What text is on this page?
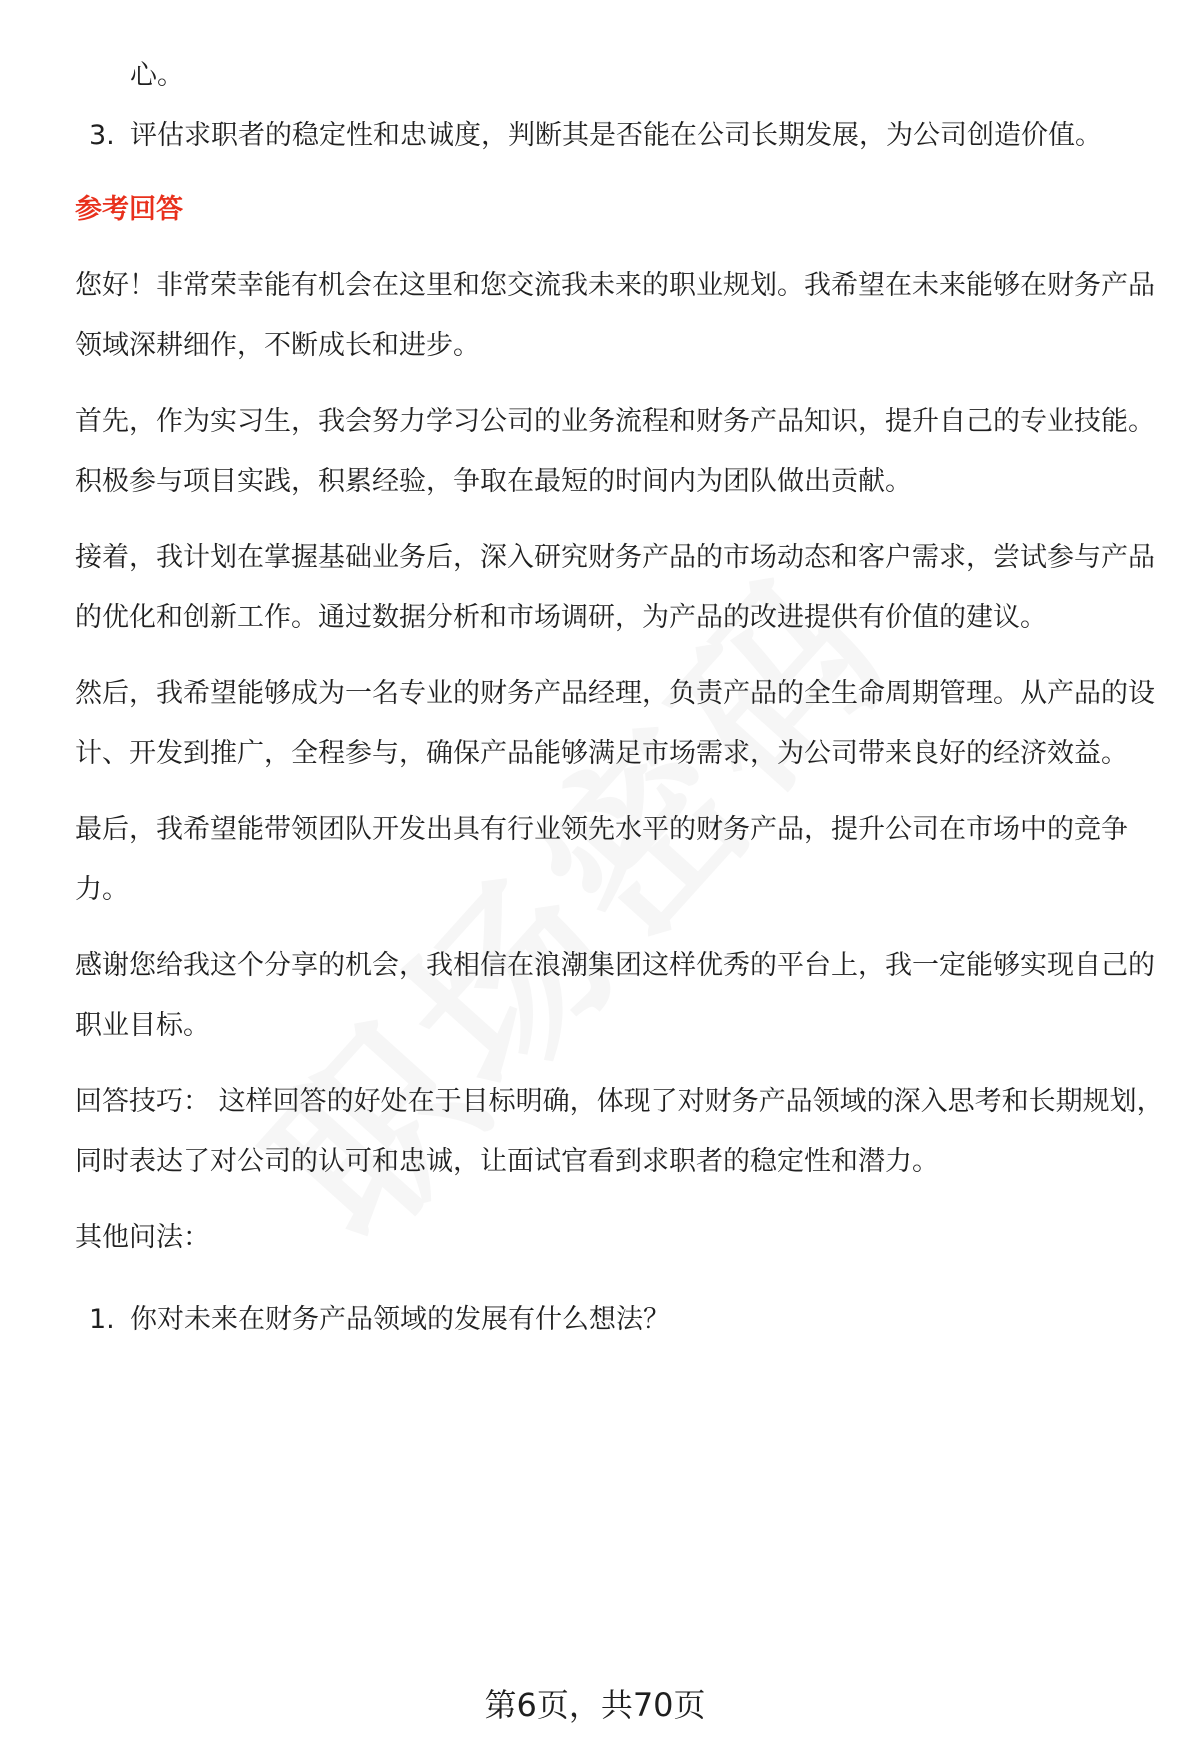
心。
3. 评估求职者的稳定性和忠诚度，判断其是否能在公司长期发展，为公司创造价值。
参考回答
您好！非常荣幸能有机会在这里和您交流我未来的职业规划。我希望在未来能够在财务产品领域深耕细作，不断成长和进步。
首先，作为实习生，我会努力学习公司的业务流程和财务产品知识，提升自己的专业技能。积极参与项目实践，积累经验，争取在最短的时间内为团队做出贡献。
接着，我计划在掌握基础业务后，深入研究财务产品的市场动态和客户需求，尝试参与产品的优化和创新工作。通过数据分析和市场调研，为产品的改进提供有价值的建议。
然后，我希望能够成为一名专业的财务产品经理，负责产品的全生命周期管理。从产品的设计、开发到推广，全程参与，确保产品能够满足市场需求，为公司带来良好的经济效益。
最后，我希望能带领团队开发出具有行业领先水平的财务产品，提升公司在市场中的竞争力。
感谢您给我这个分享的机会，我相信在浪潮集团这样优秀的平台上，我一定能够实现自己的职业目标。
回答技巧： 这样回答的好处在于目标明确，体现了对财务产品领域的深入思考和长期规划，同时表达了对公司的认可和忠诚，让面试官看到求职者的稳定性和潜力。
其他问法：
1. 你对未来在财务产品领域的发展有什么想法？
第6页，共70页
